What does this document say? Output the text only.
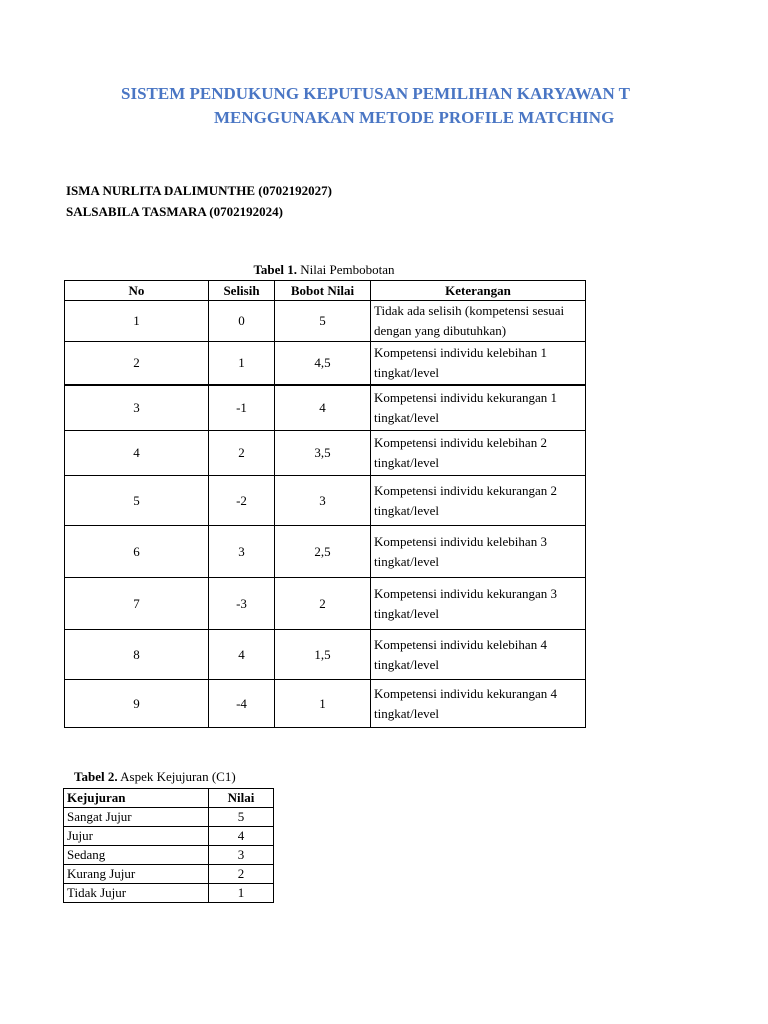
SISTEM PENDUKUNG KEPUTUSAN PEMILIHAN KARYAWAN T
MENGGUNAKAN METODE PROFILE MATCHING
ISMA NURLITA DALIMUNTHE (0702192027)
SALSABILA TASMARA (0702192024)
Tabel 1. Nilai Pembobotan
No	Selisih	Bobot Nilai	Keterangan
1	0	5	Tidak ada selisih (kompetensi sesuai dengan yang dibutuhkan)
2	1	4,5	Kompetensi individu kelebihan 1 tingkat/level
3	-1	4	Kompetensi individu kekurangan 1 tingkat/level
4	2	3,5	Kompetensi individu kelebihan 2 tingkat/level
5	-2	3	Kompetensi individu kekurangan 2 tingkat/level
6	3	2,5	Kompetensi individu kelebihan 3 tingkat/level
7	-3	2	Kompetensi individu kekurangan 3 tingkat/level
8	4	1,5	Kompetensi individu kelebihan 4 tingkat/level
9	-4	1	Kompetensi individu kekurangan 4 tingkat/level
Tabel 2. Aspek Kejujuran (C1)
Kejujuran	Nilai
Sangat Jujur	5
Jujur	4
Sedang	3
Kurang Jujur	2
Tidak Jujur	1
